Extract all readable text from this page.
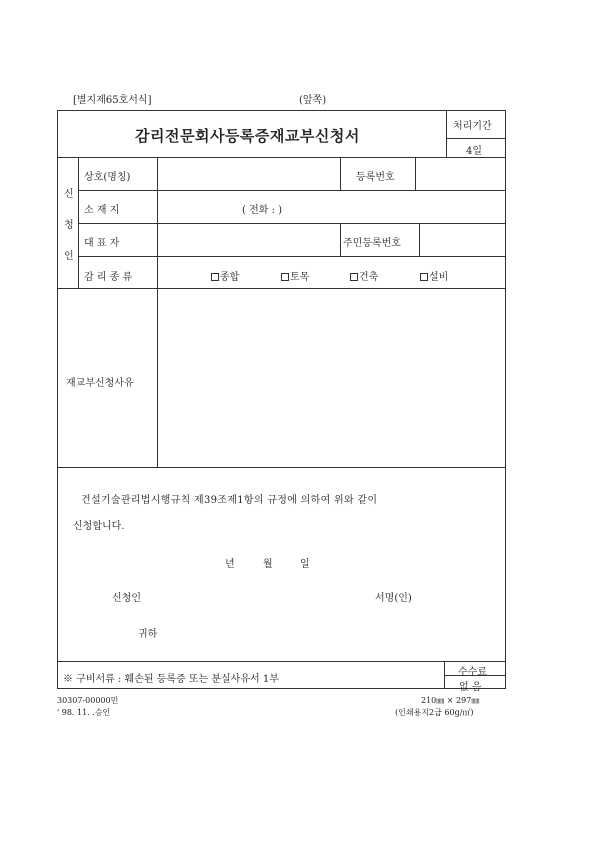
[별지제65호서식]	(앞쪽)
감리전문회사등록증재교부신청서
처리기간
4일
신
청
인
상호(명칭)	등록번호
소 재 지	( 전화 : )
대 표 자	주민등록번호
감 리 종 류	종합	토목	건축	설비
재교부신청사유
건설기술관리법시행규칙 제39조제1항의 규정에 의하여 위와 같이
신청합니다.
년	월	일
신청인	서명(인)
귀하
※ 구비서류 : 훼손된 등록증 또는 분실사유서 1부
수수료
없 음
30307-00000민
' 98. 11. .승인
210㎜ × 297㎜
(인쇄용지2급 60g/㎡)
